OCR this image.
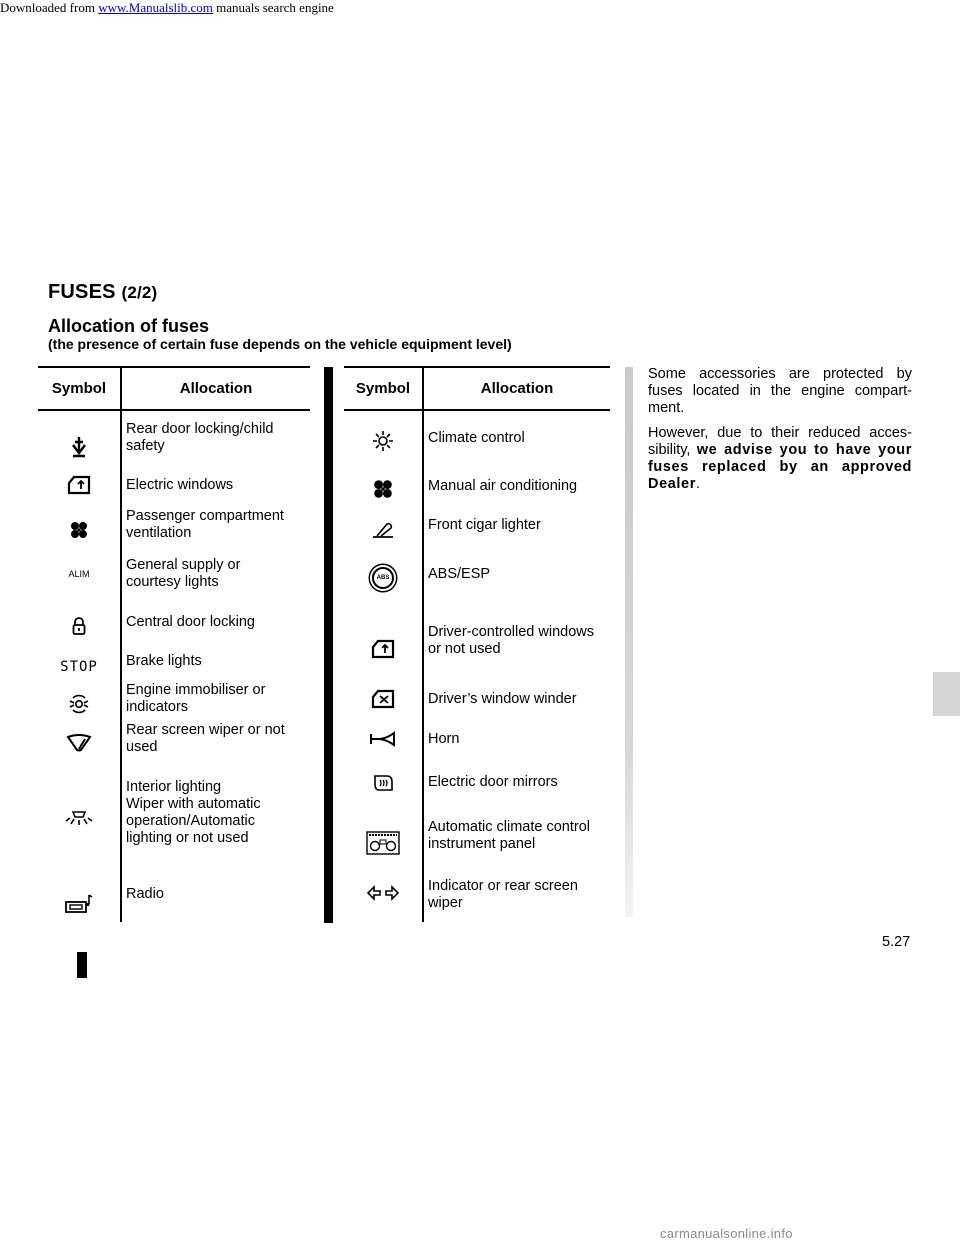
Downloaded from www.Manualslib.com manuals search engine
FUSES (2/2)
Allocation of fuses
(the presence of certain fuse depends on the vehicle equipment level)
Symbol	Allocation
Rear door locking/child
safety
Electric windows
Passenger compartment
ventilation
ALIM
General supply or
courtesy lights
Central door locking
STOP Brake lights
Engine immobiliser or
indicators
Rear screen wiper or not
used
Interior lighting
Wiper with automatic
operation/Automatic
lighting or not used
Radio
Symbol	Allocation
Climate control
Manual air conditioning
Front cigar lighter
ABS	ABS/ESP
Driver-controlled windows
or not used
Driver’s window winder
Horn
Electric door mirrors
Automatic climate control
instrument panel
Indicator or rear screen
wiper

Some accessories are protected by fuses located in the engine compart-ment.

However, due to their reduced acces-sibility, we advise you to have your fuses replaced by an approved Dealer.

5.27
carmanualsonline.info
